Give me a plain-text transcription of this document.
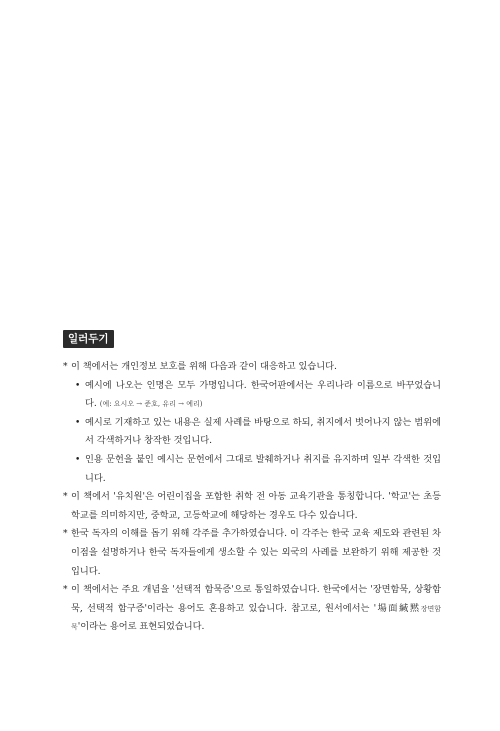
일러두기
* 이 책에서는 개인정보 보호를 위해 다음과 같이 대응하고 있습니다.
• 예시에 나오는 인명은 모두 가명입니다. 한국어판에서는 우리나라 이름으로 바꾸었습니다. (예: 요시오 → 준호, 유리 → 예리)
• 예시로 기재하고 있는 내용은 실제 사례를 바탕으로 하되, 취지에서 벗어나지 않는 범위에서 각색하거나 창작한 것입니다.
• 인용 문헌을 붙인 예시는 문헌에서 그대로 발췌하거나 취지를 유지하며 일부 각색한 것입니다.
* 이 책에서 '유치원'은 어린이집을 포함한 취학 전 아동 교육기관을 통칭합니다. '학교'는 초등학교를 의미하지만, 중학교, 고등학교에 해당하는 경우도 다수 있습니다.
* 한국 독자의 이해를 돕기 위해 각주를 추가하였습니다. 이 각주는 한국 교육 제도와 관련된 차이점을 설명하거나 한국 독자들에게 생소할 수 있는 외국의 사례를 보완하기 위해 제공한 것입니다.
* 이 책에서는 주요 개념을 '선택적 함묵증'으로 통일하였습니다. 한국에서는 '장면함묵, 상황함묵, 선택적 함구증'이라는 용어도 혼용하고 있습니다. 참고로, 원서에서는 '場面緘黙장면함묵'이라는 용어로 표현되었습니다.
